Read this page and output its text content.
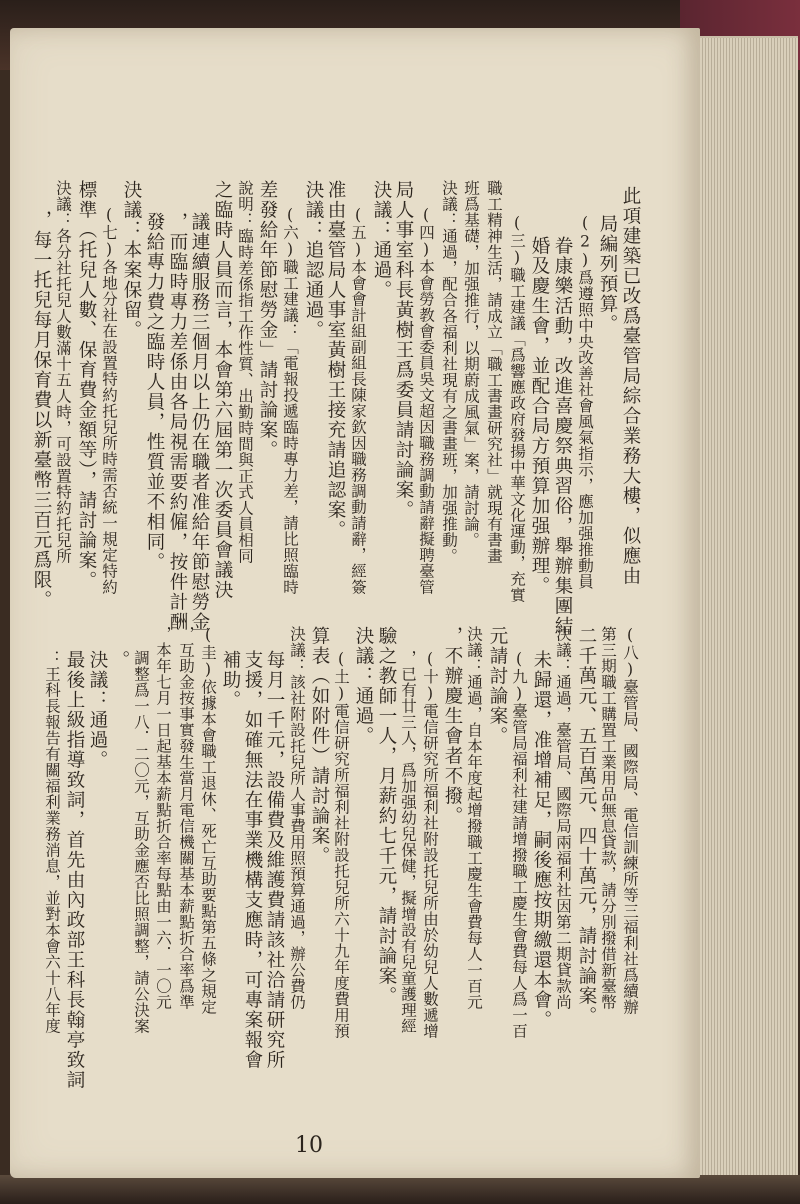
此項建築已改爲臺管局綜合業務大樓，似應由
局編列預算。
(2)爲遵照中央改善社會風氣指示，應加强推動員
眷康樂活動，改進喜慶祭典習俗，舉辦集團結
婚及慶生會，並配合局方預算加强辦理。
(三)職工建議「爲響應政府發揚中華文化運動，充實
職工精神生活，請成立「職工書畫研究社」就現有書畫
班爲基礎，加强推行，以期蔚成風氣」案，請討論。
決議：通過，配合各福利社現有之書畫班，加强推動。
(四)本會勞教會委員吳文超因職務調動請辭擬聘臺管
局人事室科長黃樹王爲委員請討論案。
決議：通過。
(五)本會會計組副組長陳家欽因職務調動請辭，經簽
准由臺管局人事室黃樹王接充請追認案。
決議：追認通過。
(六)職工建議：「電報投遞臨時專力差，請比照臨時
差發給年節慰勞金」請討論案。
說明：臨時差係指工作性質、出勤時間與正式人員相同
之臨時人員而言，本會第六屆第一次委員會議決
議連續服務三個月以上仍在職者准給年節慰勞金
，而臨時專力差係由各局視需要約僱，按件計酬
發給專力費之臨時人員，性質並不相同。
決議：本案保留。
(七)各地分社在設置特約托兒所時需否統一規定特約
標準（托兒人數、保育費金額等），請討論案。
決議：各分社托兒人數滿十五人時，可設置特約托兒所
，每一托兒每月保育費以新臺幣三百元爲限。
(八)臺管局、國際局、電信訓練所等三福利社爲續辦
第三期職工購置工業用品無息貸款，請分別撥借新臺幣
二千萬元、五百萬元、四十萬元，請討論案。
決議：通過，臺管局、國際局兩福利社因第二期貸款尚
未歸還，准增補足，嗣後應按期繳還本會。
(九)臺管局福利社建請增撥職工慶生會費每人爲一百
元請討論案。
決議：通過，自本年度起增撥職工慶生會費每人一百元
，不辦慶生會者不撥。
(十)電信研究所福利社附設托兒所由於幼兒人數遞增
，已有廿三人，爲加强幼兒保健，擬增設有兒童護理經
驗之教師一人，月薪約七千元，請討論案。
決議：通過。
(土)電信研究所福利社附設托兒所六十九年度費用預
算表（如附件）請討論案。
決議：該社附設托兒所人事費用照預算通過，辦公費仍
每月一千元，設備費及維護費請該社洽請研究所
支援，如確無法在事業機構支應時，可專案報會
補助。
(圭)依據本會職工退休、死亡互助要點第五條之規定
，互助金按事實發生當月電信機關基本薪點折合率爲準
，本年七月一日起基本薪點折合率每點由一六．一〇元
調整爲一八．二〇元，互助金應否比照調整，請公決案
。
決議：通過。
最後上級指導致詞，首先由內政部王科長翰亭致詞
：王科長報告有關福利業務消息，並對本會六十八年度
10
